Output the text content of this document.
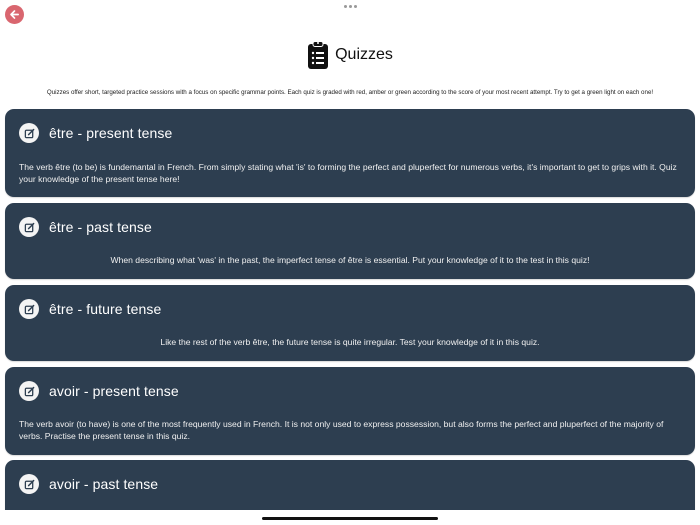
Quizzes

Quizzes offer short, targeted practice sessions with a focus on specific grammar points. Each quiz is graded with red, amber or green according to the score of your most recent attempt. Try to get a green light on each one!

être - present tense

The verb être (to be) is fundemantal in French. From simply stating what 'is' to forming the perfect and pluperfect for numerous verbs, it's important to get to grips with it. Quiz your knowledge of the present tense here!

être - past tense

When describing what 'was' in the past, the imperfect tense of être is essential. Put your knowledge of it to the test in this quiz!

être - future tense

Like the rest of the verb être, the future tense is quite irregular. Test your knowledge of it in this quiz.

avoir - present tense

The verb avoir (to have) is one of the most frequently used in French. It is not only used to express possession, but also forms the perfect and pluperfect of the majority of verbs. Practise the present tense in this quiz.

avoir - past tense
